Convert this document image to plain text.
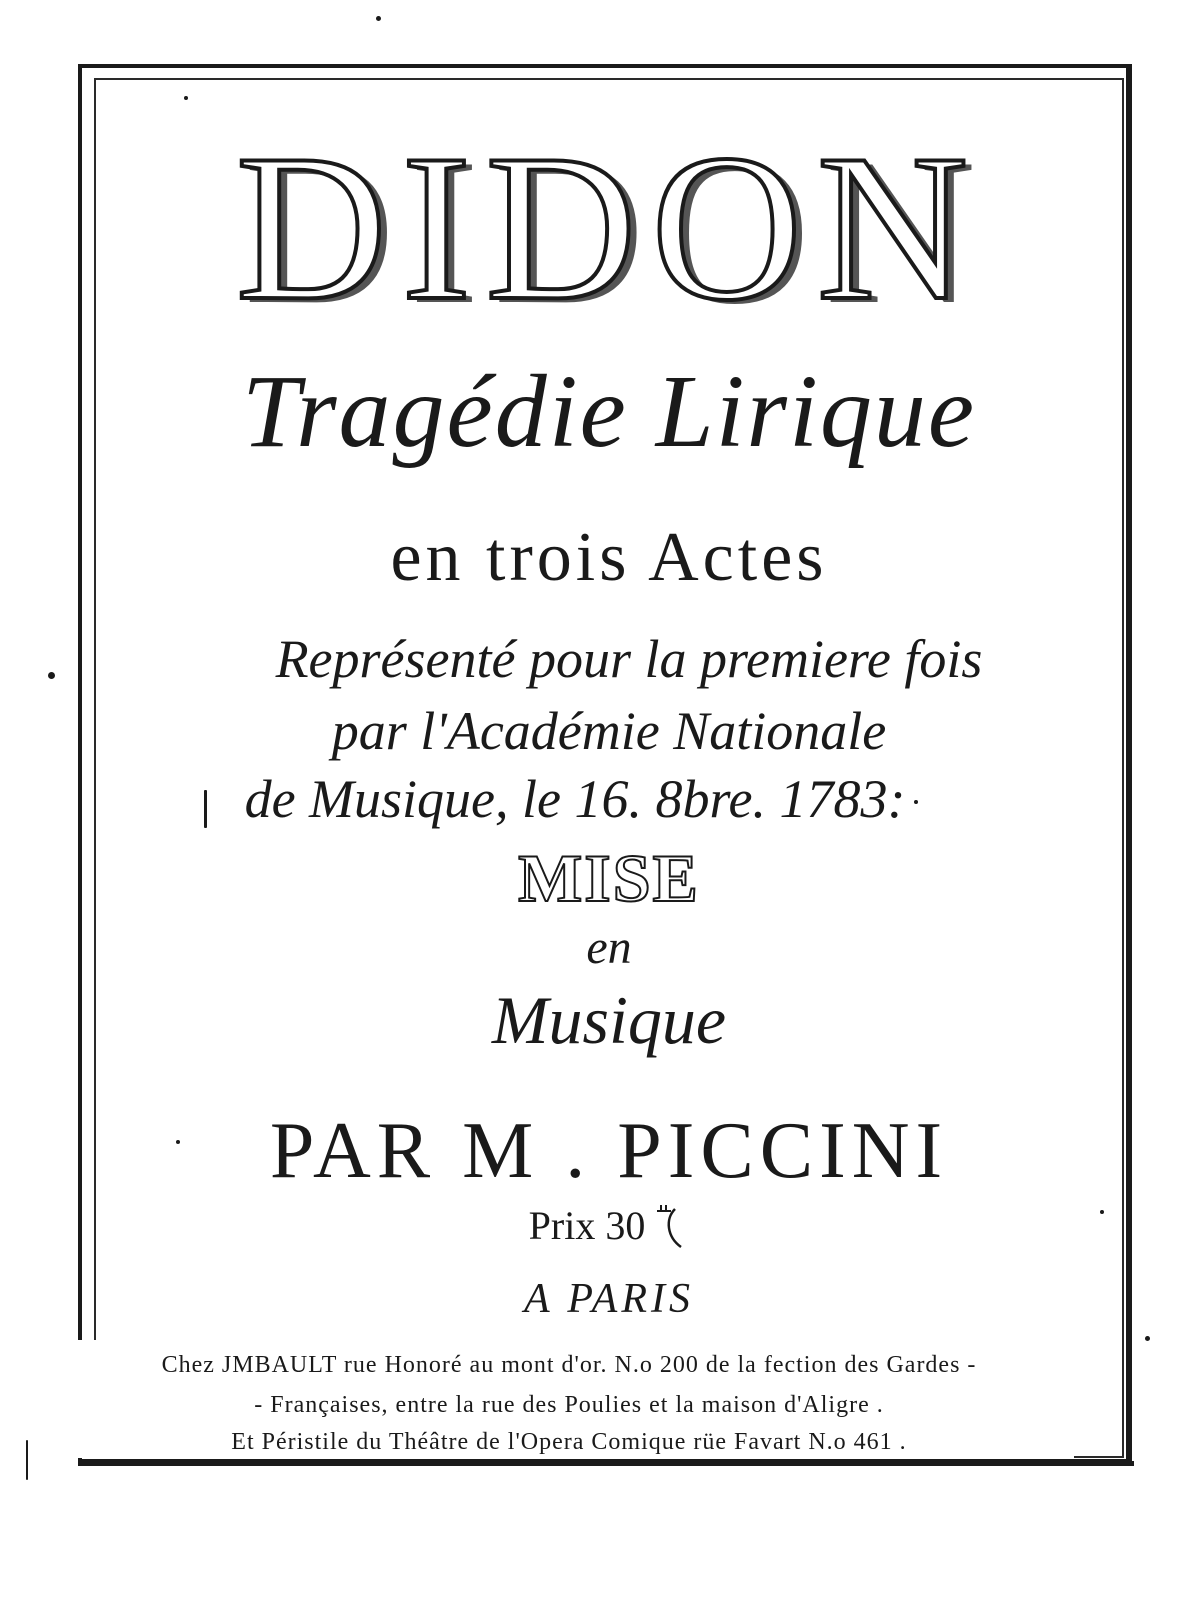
DIDON
Tragédie Lirique
en trois Actes
Représenté pour la premiere fois
par l'Académie Nationale
de Musique, le 16. 8bre. 1783:
MISE
en
Musique
PAR M . PICCINI
Prix 30
A PARIS
Chez JMBAULT rue Honoré au mont d'or. N.o 200 de la fection des Gardes -
- Françaises, entre la rue des Poulies et la maison d'Aligre .
Et Péristile du Théâtre de l'Opera Comique rüe Favart N.o 461 .
